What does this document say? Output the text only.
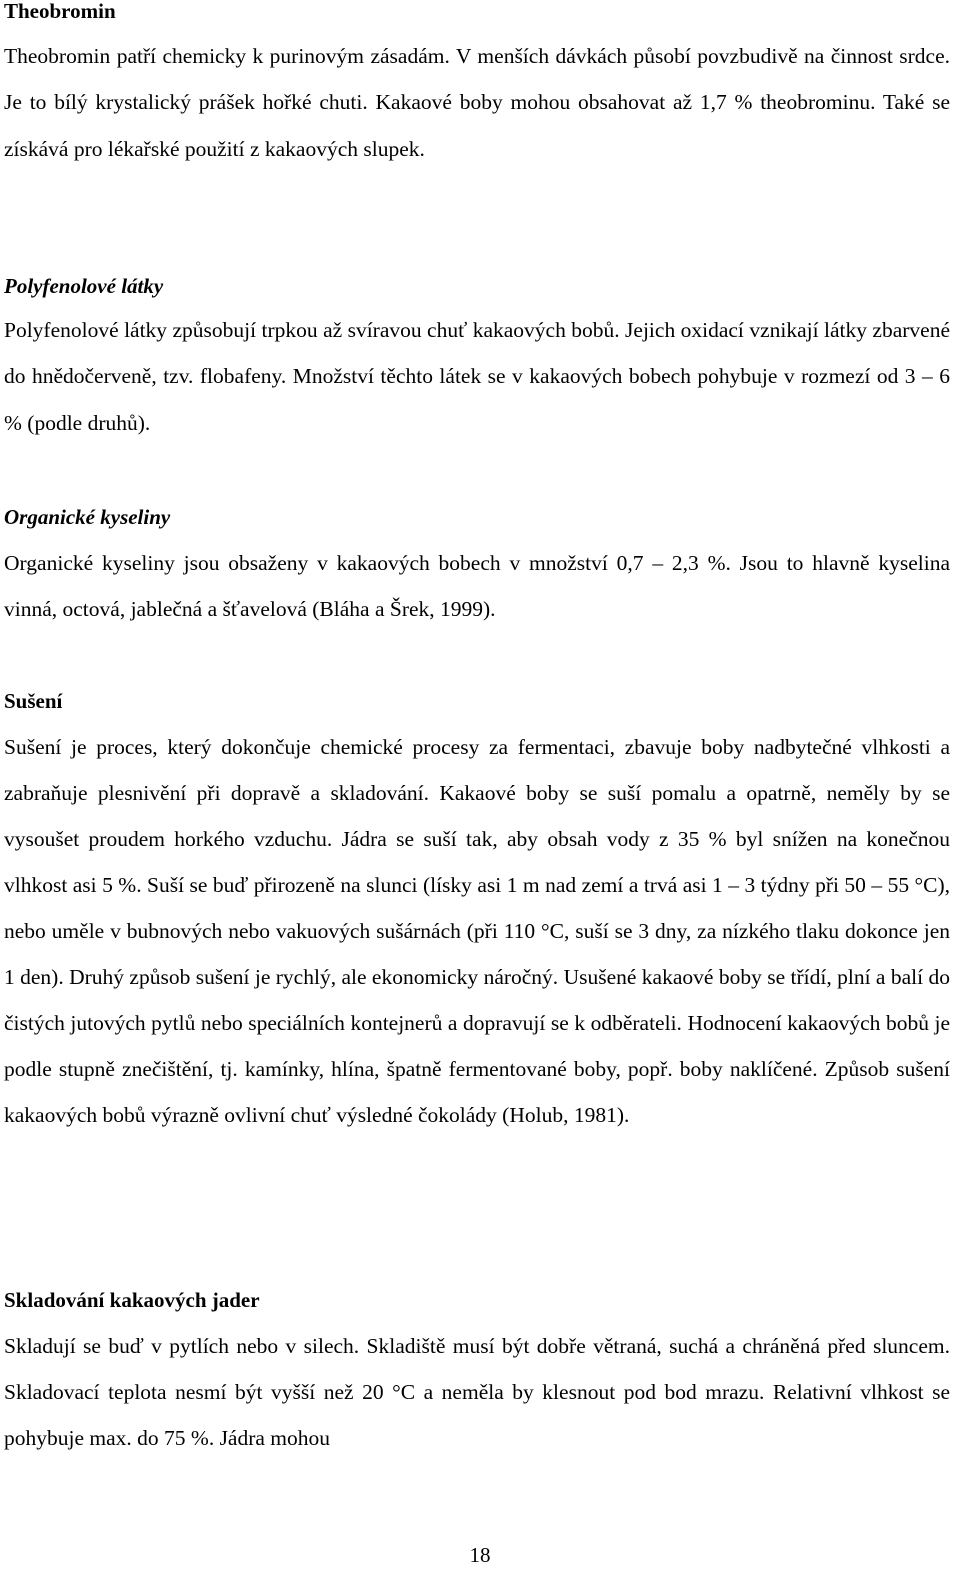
Theobromin

Theobromin patří chemicky k purinovým zásadám. V menších dávkách působí povzbudivě na činnost srdce. Je to bílý krystalický prášek hořké chuti. Kakaové boby mohou obsahovat až 1,7 % theobrominu. Také se získává pro lékařské použití z kakaových slupek.

Polyfenolové látky

Polyfenolové látky způsobují trpkou až svíravou chuť kakaových bobů. Jejich oxidací vznikají látky zbarvené do hnědočerveně, tzv. flobafeny. Množství těchto látek se v kakaových bobech pohybuje v rozmezí od 3 – 6 % (podle druhů).

Organické kyseliny

Organické kyseliny jsou obsaženy v kakaových bobech v množství 0,7 – 2,3 %. Jsou to hlavně kyselina vinná, octová, jablečná a šťavelová (Bláha a Šrek, 1999).

Sušení

Sušení je proces, který dokončuje chemické procesy za fermentaci, zbavuje boby nadbytečné vlhkosti a zabraňuje plesnivění při dopravě a skladování. Kakaové boby se suší pomalu a opatrně, neměly by se vysoušet proudem horkého vzduchu. Jádra se suší tak, aby obsah vody z 35 % byl snížen na konečnou vlhkost asi 5 %. Suší se buď přirozeně na slunci (lísky asi 1 m nad zemí a trvá asi 1 – 3 týdny při 50 – 55 °C), nebo uměle v bubnových nebo vakuových sušárnách (při 110 °C, suší se 3 dny, za nízkého tlaku dokonce jen 1 den). Druhý způsob sušení je rychlý, ale ekonomicky náročný. Usušené kakaové boby se třídí, plní a balí do čistých jutových pytlů nebo speciálních kontejnerů a dopravují se k odběrateli. Hodnocení kakaových bobů je podle stupně znečištění, tj. kamínky, hlína, špatně fermentované boby, popř. boby naklíčené. Způsob sušení kakaových bobů výrazně ovlivní chuť výsledné čokolády (Holub, 1981).

Skladování kakaových jader

Skladují se buď v pytlích nebo v silech. Skladiště musí být dobře větraná, suchá a chráněná před sluncem. Skladovací teplota nesmí být vyšší než 20 °C a neměla by klesnout pod bod mrazu. Relativní vlhkost se pohybuje max. do 75 %. Jádra mohou

18
